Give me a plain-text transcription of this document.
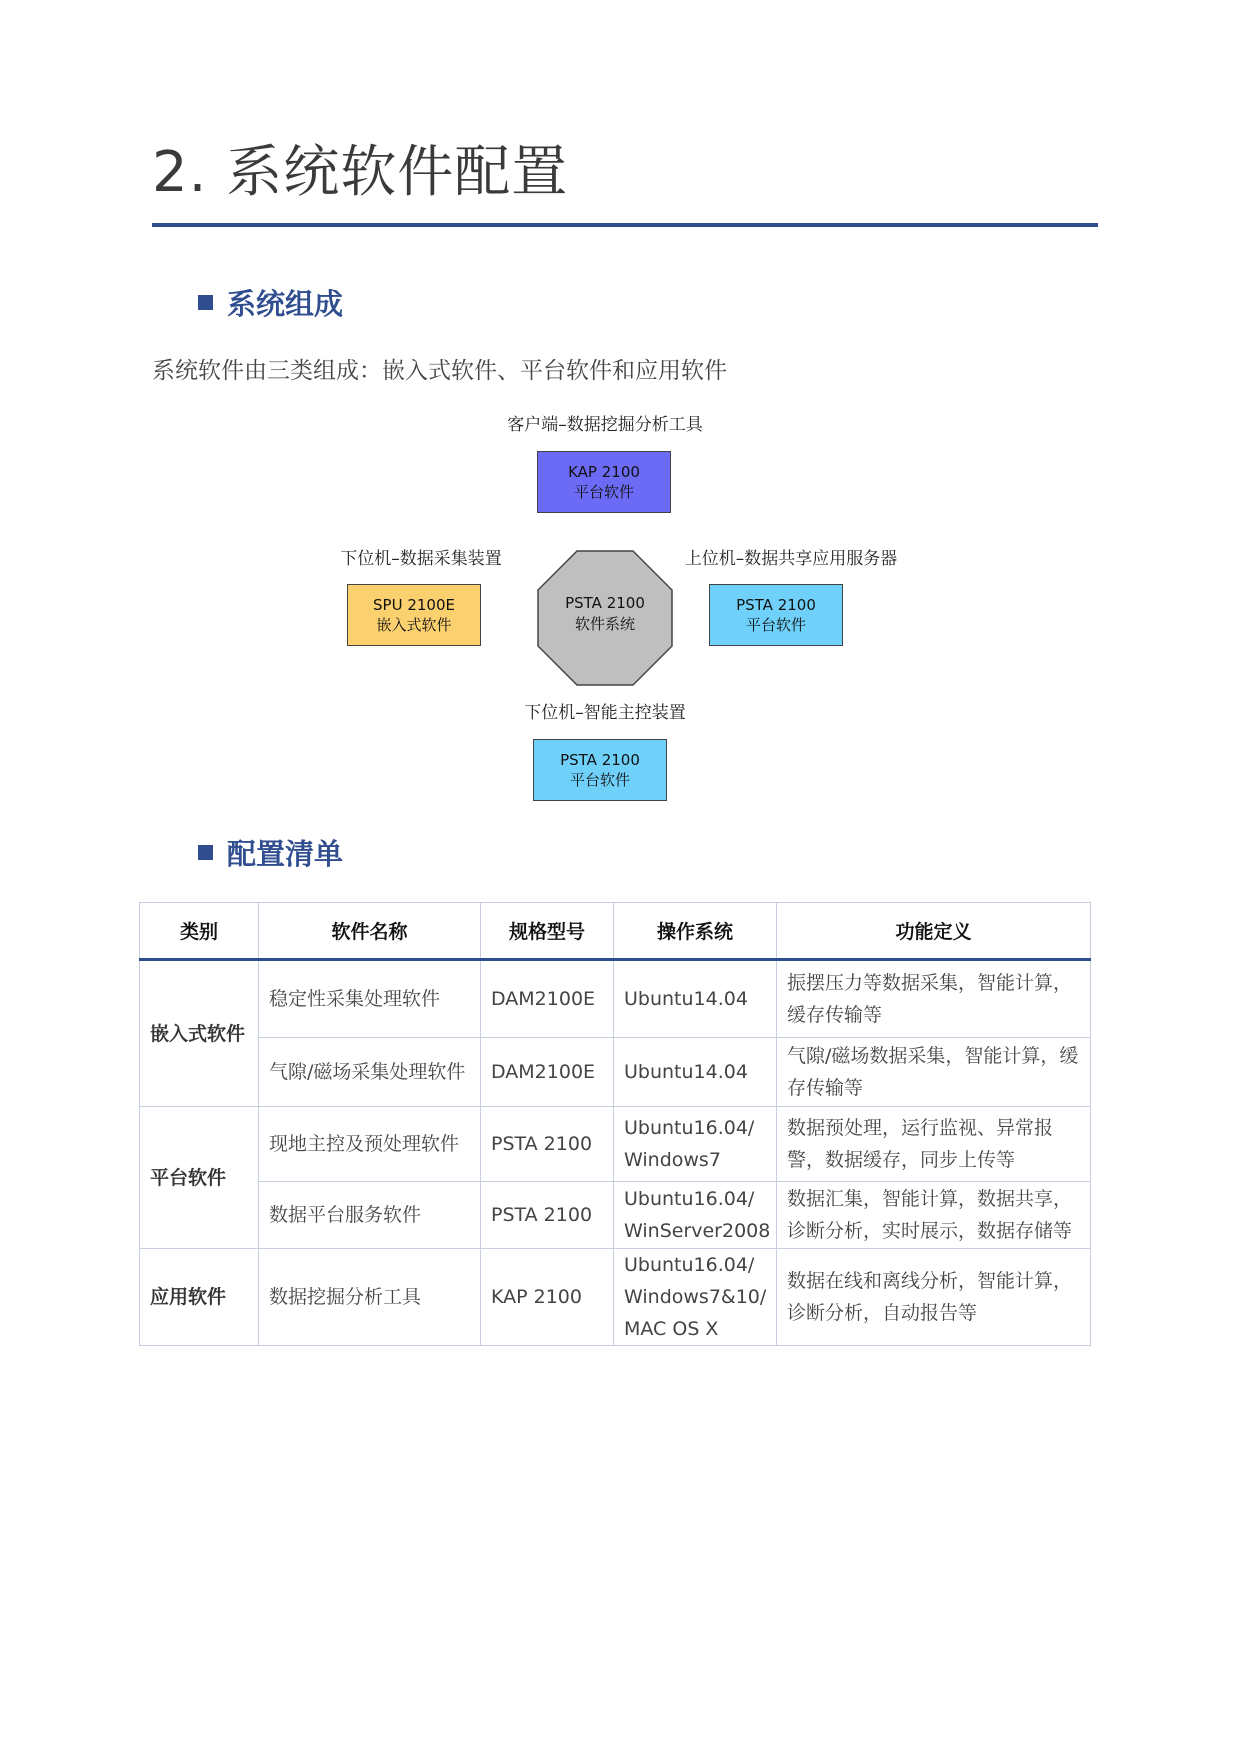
2. 系统软件配置
系统组成
系统软件由三类组成：嵌入式软件、平台软件和应用软件
客户端–数据挖掘分析工具
KAP 2100
平台软件
下位机–数据采集装置
SPU 2100E
嵌入式软件
PSTA 2100
软件系统
上位机–数据共享应用服务器
PSTA 2100
平台软件
下位机–智能主控装置
PSTA 2100
平台软件
配置清单
类别	软件名称	规格型号	操作系统	功能定义
嵌入式软件	稳定性采集处理软件	DAM2100E	Ubuntu14.04	振摆压力等数据采集，智能计算，缓存传输等
	气隙/磁场采集处理软件	DAM2100E	Ubuntu14.04	气隙/磁场数据采集，智能计算，缓存传输等
平台软件	现地主控及预处理软件	PSTA 2100	Ubuntu16.04/ Windows7	数据预处理，运行监视、异常报警，数据缓存，同步上传等
	数据平台服务软件	PSTA 2100	Ubuntu16.04/ WinServer2008	数据汇集，智能计算，数据共享，诊断分析，实时展示，数据存储等
应用软件	数据挖掘分析工具	KAP 2100	Ubuntu16.04/ Windows7&10/ MAC OS X	数据在线和离线分析，智能计算，诊断分析，自动报告等
